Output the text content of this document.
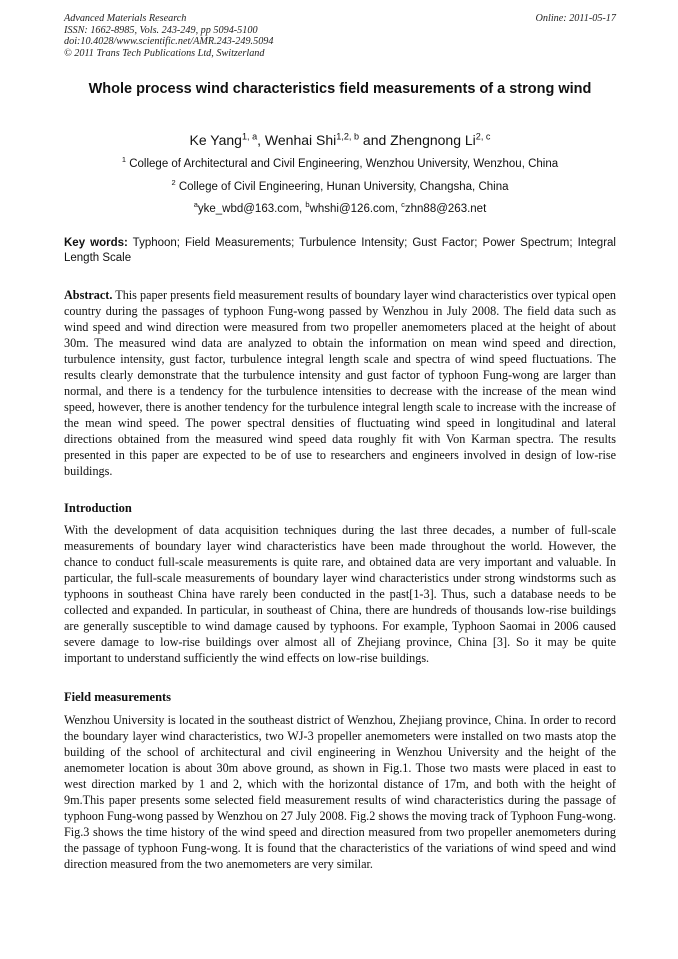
Advanced Materials Research
ISSN: 1662-8985, Vols. 243-249, pp 5094-5100
doi:10.4028/www.scientific.net/AMR.243-249.5094
© 2011 Trans Tech Publications Ltd, Switzerland
Online: 2011-05-17
Whole process wind characteristics field measurements of a strong wind
Ke Yang$^{1, a}$, Wenhai Shi$^{1,2, b}$ and Zhengnong Li$^{2, c}$
$^1$ College of Architectural and Civil Engineering, Wenzhou University, Wenzhou, China
$^2$ College of Civil Engineering, Hunan University, Changsha, China
$^a$yke_wbd@163.com, $^b$whshi@126.com, $^c$zhn88@263.net
Key words: Typhoon; Field Measurements; Turbulence Intensity; Gust Factor; Power Spectrum; Integral Length Scale
Abstract. This paper presents field measurement results of boundary layer wind characteristics over typical open country during the passages of typhoon Fung-wong passed by Wenzhou in July 2008. The field data such as wind speed and wind direction were measured from two propeller anemometers placed at the height of about 30m. The measured wind data are analyzed to obtain the information on mean wind speed and direction, turbulence intensity, gust factor, turbulence integral length scale and spectra of wind speed fluctuations. The results clearly demonstrate that the turbulence intensity and gust factor of typhoon Fung-wong are larger than normal, and there is a tendency for the turbulence intensities to decrease with the increase of the mean wind speed, however, there is another tendency for the turbulence integral length scale to increase with the increase of the mean wind speed. The power spectral densities of fluctuating wind speed in longitudinal and lateral directions obtained from the measured wind speed data roughly fit with Von Karman spectra. The results presented in this paper are expected to be of use to researchers and engineers involved in design of low-rise buildings.
Introduction
With the development of data acquisition techniques during the last three decades, a number of full-scale measurements of boundary layer wind characteristics have been made throughout the world. However, the chance to conduct full-scale measurements is quite rare, and obtained data are very important and valuable. In particular, the full-scale measurements of boundary layer wind characteristics under strong windstorms such as typhoons in southeast China have rarely been conducted in the past[1-3]. Thus, such a database needs to be collected and expanded. In particular, in southeast of China, there are hundreds of thousands low-rise buildings are generally susceptible to wind damage caused by typhoons. For example, Typhoon Saomai in 2006 caused severe damage to low-rise buildings over almost all of Zhejiang province, China [3]. So it may be quite important to understand sufficiently the wind effects on low-rise buildings.
Field measurements
Wenzhou University is located in the southeast district of Wenzhou, Zhejiang province, China. In order to record the boundary layer wind characteristics, two WJ-3 propeller anemometers were installed on two masts atop the building of the school of architectural and civil engineering in Wenzhou University and the height of the anemometer location is about 30m above ground, as shown in Fig.1. Those two masts were placed in east to west direction marked by 1 and 2, which with the horizontal distance of 17m, and both with the height of 9m.This paper presents some selected field measurement results of wind characteristics during the passage of typhoon Fung-wong passed by Wenzhou on 27 July 2008. Fig.2 shows the moving track of Typhoon Fung-wong. Fig.3 shows the time history of the wind speed and direction measured from two propeller anemometers during the passage of typhoon Fung-wong. It is found that the characteristics of the variations of wind speed and wind direction measured from the two anemometers are very similar.
